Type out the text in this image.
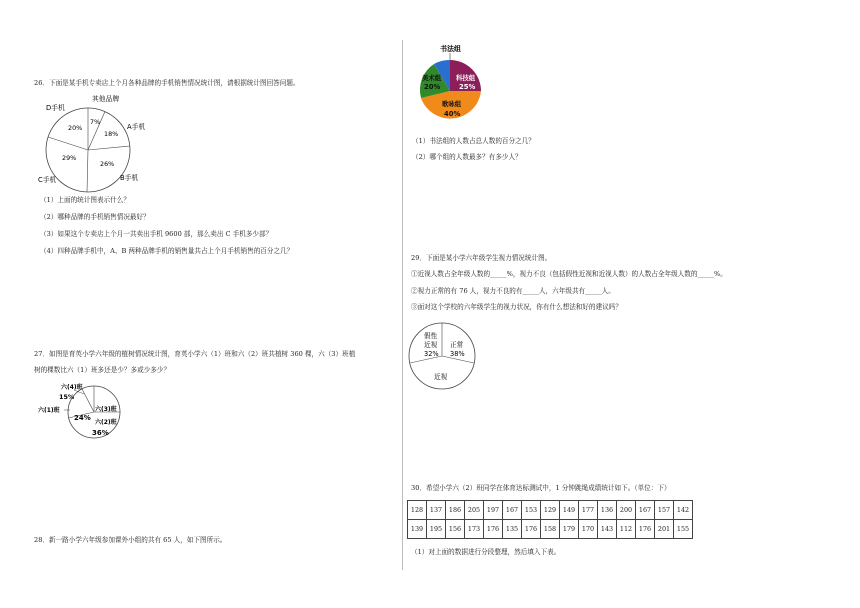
26．下面是某手机专卖店上个月各种品牌的手机销售情况统计图，请根据统计图回答问题。
其他品牌
D手机
A手机
B手机
C手机
7%
18%
26%
29%
20%
（1）上面的统计图表示什么？
（2）哪种品牌的手机销售情况最好？
（3）如果这个专卖店上个月一共卖出手机 9600 部，那么卖出 C 手机多少部？
（4）四种品牌手机中，A、B 两种品牌手机的销售量共占上个月手机销售的百分之几？
27．如图是育英小学六年级的植树情况统计图，育英小学六（1）班和六（2）班共植树 360 棵，六（3）班植
树的棵数比六（1）班多还是少？多或少多少？
六(4)班
15%
六(1)班
24%
六(3)班
六(2)班
36%
28．新一路小学六年级参加课外小组的共有 65 人，如下图所示。
书法组
美术组
20%
科技组
25%
歌咏组
40%
（1）书法组的人数占总人数的百分之几？
（2）哪个组的人数最多？有多少人？
29．下面是某小学六年级学生视力情况统计图。
①近视人数占全年级人数的_____%，视力不良（包括假性近视和近视人数）的人数占全年级人数的_____%。
②视力正常的有 76 人，视力不良的有_____人，六年级共有_____人。
③面对这个学校的六年级学生的视力状况，你有什么想法和好的建议吗？
假性
近视
32%
正常
38%
近视
30．希望小学六（2）班同学在体育达标测试中，1 分钟跳绳成绩统计如下。（单位：下）
128	137	186	205	197	167	153	129	149	177	136	200	167	157	142
139	195	156	173	176	135	176	158	179	170	143	112	176	201	155
（1）对上面的数据进行分段整理，然后填入下表。
